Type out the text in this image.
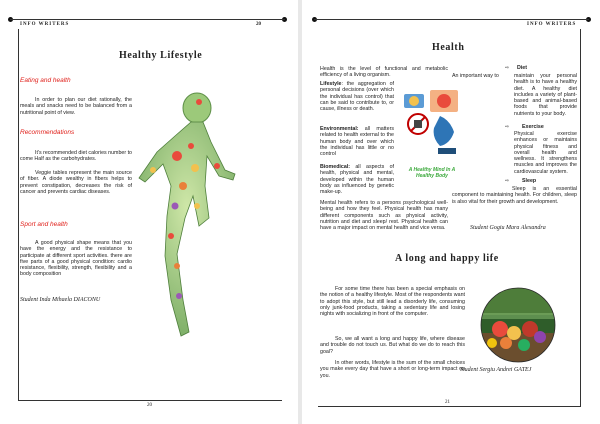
INFO WRITERS	20
Healthy Lifestyle
Eating and health

In order to plan our diet rationally, the meals and snacks need to be balanced from a nutritional point of view.

Recommendations

It's recommended diet calories number to come Half as the carbohydrates.

Veggie tables represent the main source of fiber. A diode wealthy in fibers helps to prevent constipation, decreases the risk of cancer and prevents cardiac diseases.

Sport and health

A good physical shape means that you have the energy and the resistance to participate at different sport activities. there are five parts of a good physical condition: cardio resistance, flexibility, strength, flexibility and a body composition

Student Inda Mihaela DIACONU
20
INFO WRITERS
Health

Health is the level of functional and metabolic efficiency of a living organism.

Lifestyle: the aggregation of personal decisions (over which the individual has control) that can be said to contribute to, or cause, illness or death.

Environmental: all matters related to health external to the human body and over which the individual has little or no control

Biomedical: all aspects of health, physical and mental, developed within the human body as influenced by genetic make-up.

Mental health refers to a persons psychological well-being and how they feel. Physical health has many different components such as physical activity, nutrition and diet and sleep/ rest. Physical health can have a major impact on mental health and vice versa.

A Healthy Mind In A Healthy Body

An important way to

⇨ Diet

maintain your personal health is to have a healthy diet. A healthy diet includes a variety of plant-based and animal-based foods that provide nutrients to your body.

⇨ Exercise

Physical exercise enhances or maintains physical fitness and overall health and wellness. It strengthens muscles and improves the cardiovascular system.

⇨ Sleep

Sleep is an essential component to maintaining health. For children, sleep is also vital for their growth and development.

Student Gogiu Mara Alexandra
A long and happy life

For some time there has been a special emphasis on the notion of a healthy lifestyle. Most of the respondents want to adopt this style, but still lead a disorderly life, consuming only junk-food products, taking a sedentary life and losing nights with socializing in front of the computer.

So, we all want a long and happy life, where disease and trouble do not touch us. But what do we do to reach this goal?

In other words, lifestyle is the sum of the small choices you make every day that have a short or long-term impact on you.

Student Sergiu Andrei GATEJ
21
